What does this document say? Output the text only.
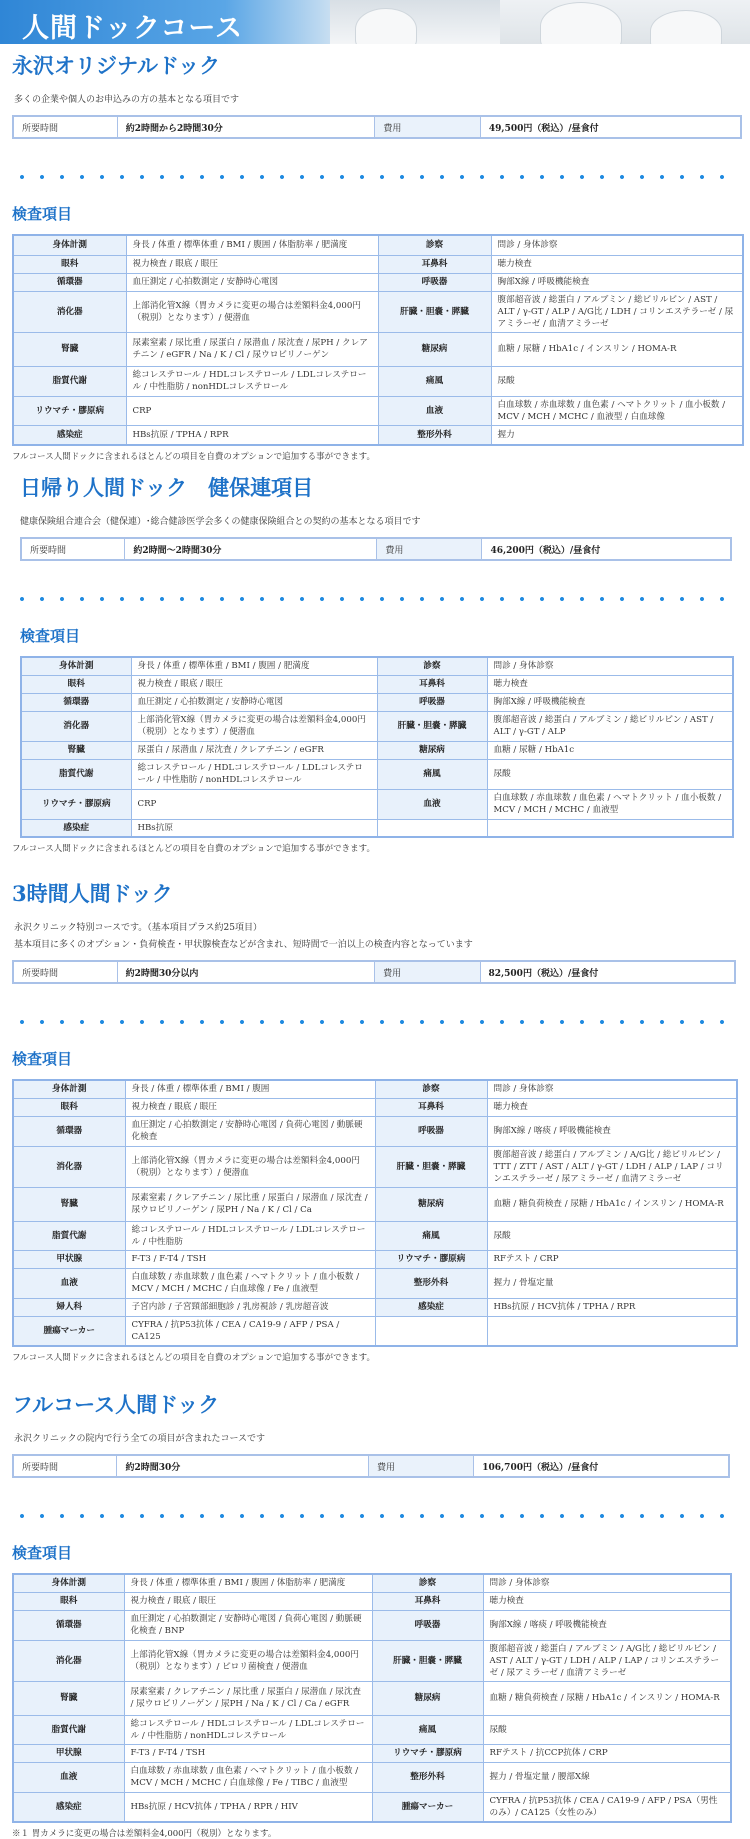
人間ドックコース
永沢オリジナルドック

多くの企業や個人のお申込みの方の基本となる項目です

所要時間	約2時間から2時間30分	費用	49,500円（税込）/昼食付
検査項目
身体計測	身長 / 体重 / 標準体重 / BMI / 腹囲 / 体脂肪率 / 肥満度	診察	問診 / 身体診察
眼科	視力検査 / 眼底 / 眼圧	耳鼻科	聴力検査
循環器	血圧測定 / 心拍数測定 / 安静時心電図	呼吸器	胸部X線 / 呼吸機能検査
消化器	上部消化管X線（胃カメラに変更の場合は差額料金4,000円（税別）となります）/ 便潜血	肝臓・胆嚢・膵臓	腹部超音波 / 総蛋白 / アルブミン / 総ビリルビン / AST / ALT / γ-GT / ALP / A/G比 / LDH / コリンエステラーゼ / 尿アミラーゼ / 血清アミラーゼ
腎臓	尿素窒素 / 尿比重 / 尿蛋白 / 尿潜血 / 尿沈査 / 尿PH / クレアチニン / eGFR / Na / K / Cl / 尿ウロビリノーゲン	糖尿病	血糖 / 尿糖 / HbA1c / インスリン / HOMA-R
脂質代謝	総コレステロール / HDLコレステロール / LDLコレステロール / 中性脂肪 / nonHDLコレステロール	痛風	尿酸
リウマチ・膠原病	CRP	血液	白血球数 / 赤血球数 / 血色素 / ヘマトクリット / 血小板数 / MCV / MCH / MCHC / 血液型 / 白血球像
感染症	HBs抗原 / TPHA / RPR	整形外科	握力

フルコース人間ドックに含まれるほとんどの項目を自費のオプションで追加する事ができます。

日帰り人間ドック　健保連項目

健康保険組合連合会（健保連）･総合健診医学会多くの健康保険組合との契約の基本となる項目です

所要時間	約2時間〜2時間30分	費用	46,200円（税込）/昼食付
検査項目
身体計測	身長 / 体重 / 標準体重 / BMI / 腹囲 / 肥満度	診察	問診 / 身体診察
眼科	視力検査 / 眼底 / 眼圧	耳鼻科	聴力検査
循環器	血圧測定 / 心拍数測定 / 安静時心電図	呼吸器	胸部X線 / 呼吸機能検査
消化器	上部消化管X線（胃カメラに変更の場合は差額料金4,000円（税別）となります）/ 便潜血	肝臓・胆嚢・膵臓	腹部超音波 / 総蛋白 / アルブミン / 総ビリルビン / AST / ALT / γ-GT / ALP
腎臓	尿蛋白 / 尿潜血 / 尿沈査 / クレアチニン / eGFR	糖尿病	血糖 / 尿糖 / HbA1c
脂質代謝	総コレステロール / HDLコレステロール / LDLコレステロール / 中性脂肪 / nonHDLコレステロール	痛風	尿酸
リウマチ・膠原病	CRP	血液	白血球数 / 赤血球数 / 血色素 / ヘマトクリット / 血小板数 / MCV / MCH / MCHC / 血液型
感染症	HBs抗原		

フルコース人間ドックに含まれるほとんどの項目を自費のオプションで追加する事ができます。

3時間人間ドック

永沢クリニック特別コースです。（基本項目プラス約25項目）

基本項目に多くのオプション・負荷検査・甲状腺検査などが含まれ、短時間で一泊以上の検査内容となっています

所要時間	約2時間30分以内	費用	82,500円（税込）/昼食付
検査項目
身体計測	身長 / 体重 / 標準体重 / BMI / 腹囲	診察	問診 / 身体診察
眼科	視力検査 / 眼底 / 眼圧	耳鼻科	聴力検査
循環器	血圧測定 / 心拍数測定 / 安静時心電図 / 負荷心電図 / 動脈硬化検査	呼吸器	胸部X線 / 喀痰 / 呼吸機能検査
消化器	上部消化管X線（胃カメラに変更の場合は差額料金4,000円（税別）となります）/ 便潜血	肝臓・胆嚢・膵臓	腹部超音波 / 総蛋白 / アルブミン / A/G比 / 総ビリルビン / TTT / ZTT / AST / ALT / γ-GT / LDH / ALP / LAP / コリンエステラーゼ / 尿アミラーゼ / 血清アミラーゼ
腎臓	尿素窒素 / クレアチニン / 尿比重 / 尿蛋白 / 尿潜血 / 尿沈査 / 尿ウロビリノーゲン / 尿PH / Na / K / Cl / Ca	糖尿病	血糖 / 糖負荷検査 / 尿糖 / HbA1c / インスリン / HOMA-R
脂質代謝	総コレステロール / HDLコレステロール / LDLコレステロール / 中性脂肪	痛風	尿酸
甲状腺	F-T3 / F-T4 / TSH	リウマチ・膠原病	RFテスト / CRP
血液	白血球数 / 赤血球数 / 血色素 / ヘマトクリット / 血小板数 / MCV / MCH / MCHC / 白血球像 / Fe / 血液型	整形外科	握力 / 骨塩定量
婦人科	子宮内診 / 子宮頸部細胞診 / 乳房視診 / 乳房超音波	感染症	HBs抗原 / HCV抗体 / TPHA / RPR
腫瘍マーカー	CYFRA / 抗P53抗体 / CEA / CA19-9 / AFP / PSA / CA125		

フルコース人間ドックに含まれるほとんどの項目を自費のオプションで追加する事ができます。

フルコース人間ドック

永沢クリニックの院内で行う全ての項目が含まれたコースです

所要時間	約2時間30分	費用	106,700円（税込）/昼食付
検査項目
身体計測	身長 / 体重 / 標準体重 / BMI / 腹囲 / 体脂肪率 / 肥満度	診察	問診 / 身体診察
眼科	視力検査 / 眼底 / 眼圧	耳鼻科	聴力検査
循環器	血圧測定 / 心拍数測定 / 安静時心電図 / 負荷心電図 / 動脈硬化検査 / BNP	呼吸器	胸部X線 / 喀痰 / 呼吸機能検査
消化器	上部消化管X線（胃カメラに変更の場合は差額料金4,000円（税別）となります）/ ピロリ菌検査 / 便潜血	肝臓・胆嚢・膵臓	腹部超音波 / 総蛋白 / アルブミン / A/G比 / 総ビリルビン / AST / ALT / γ-GT / LDH / ALP / LAP / コリンエステラーゼ / 尿アミラーゼ / 血清アミラーゼ
腎臓	尿素窒素 / クレアチニン / 尿比重 / 尿蛋白 / 尿潜血 / 尿沈査 / 尿ウロビリノーゲン / 尿PH / Na / K / Cl / Ca / eGFR	糖尿病	血糖 / 糖負荷検査 / 尿糖 / HbA1c / インスリン / HOMA-R
脂質代謝	総コレステロール / HDLコレステロール / LDLコレステロール / 中性脂肪 / nonHDLコレステロール	痛風	尿酸
甲状腺	F-T3 / F-T4 / TSH	リウマチ・膠原病	RFテスト / 抗CCP抗体 / CRP
血液	白血球数 / 赤血球数 / 血色素 / ヘマトクリット / 血小板数 / MCV / MCH / MCHC / 白血球像 / Fe / TIBC / 血液型	整形外科	握力 / 骨塩定量 / 腰部X線
感染症	HBs抗原 / HCV抗体 / TPHA / RPR / HIV	腫瘍マーカー	CYFRA / 抗P53抗体 / CEA / CA19-9 / AFP / PSA（男性のみ）/ CA125（女性のみ）

※１ 胃カメラに変更の場合は差額料金4,000円（税別）となります。
